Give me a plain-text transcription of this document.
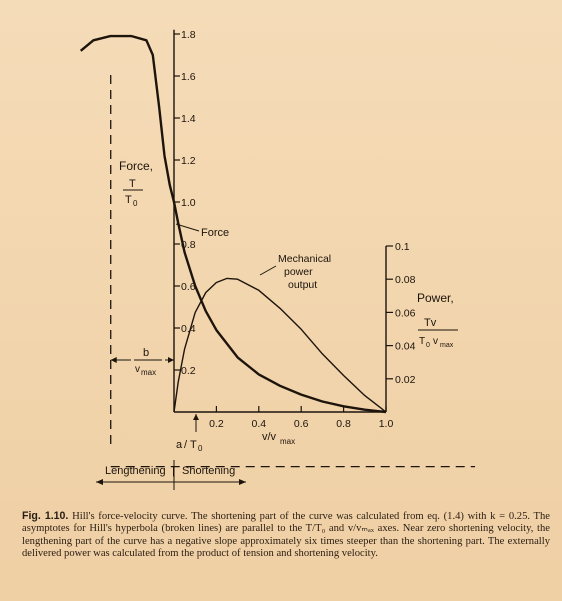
0.2
0.4
0.6
0.8
1.0
1.2
1.4
1.6
1.8
0.2	0.4	0.6	0.8	1.0
0.02
0.04
0.06
0.08
0.1
Force,
T
T 0
Power,
Tv
T 0 v max
v/v max
Force
Mechanical
power
output
b
v max
a / T 0
Lengthening | Shortening
Fig. 1.10. Hill's force-velocity curve. The shortening part of the curve was calculated from eq. (1.4) with k = 0.25. The asymptotes for Hill's hyperbola (broken lines) are parallel to the T/T₀ and v/vₘₐₓ axes. Near zero shortening velocity, the lengthening part of the curve has a negative slope approximately six times steeper than the shortening part. The externally delivered power was calculated from the product of tension and shortening velocity.
